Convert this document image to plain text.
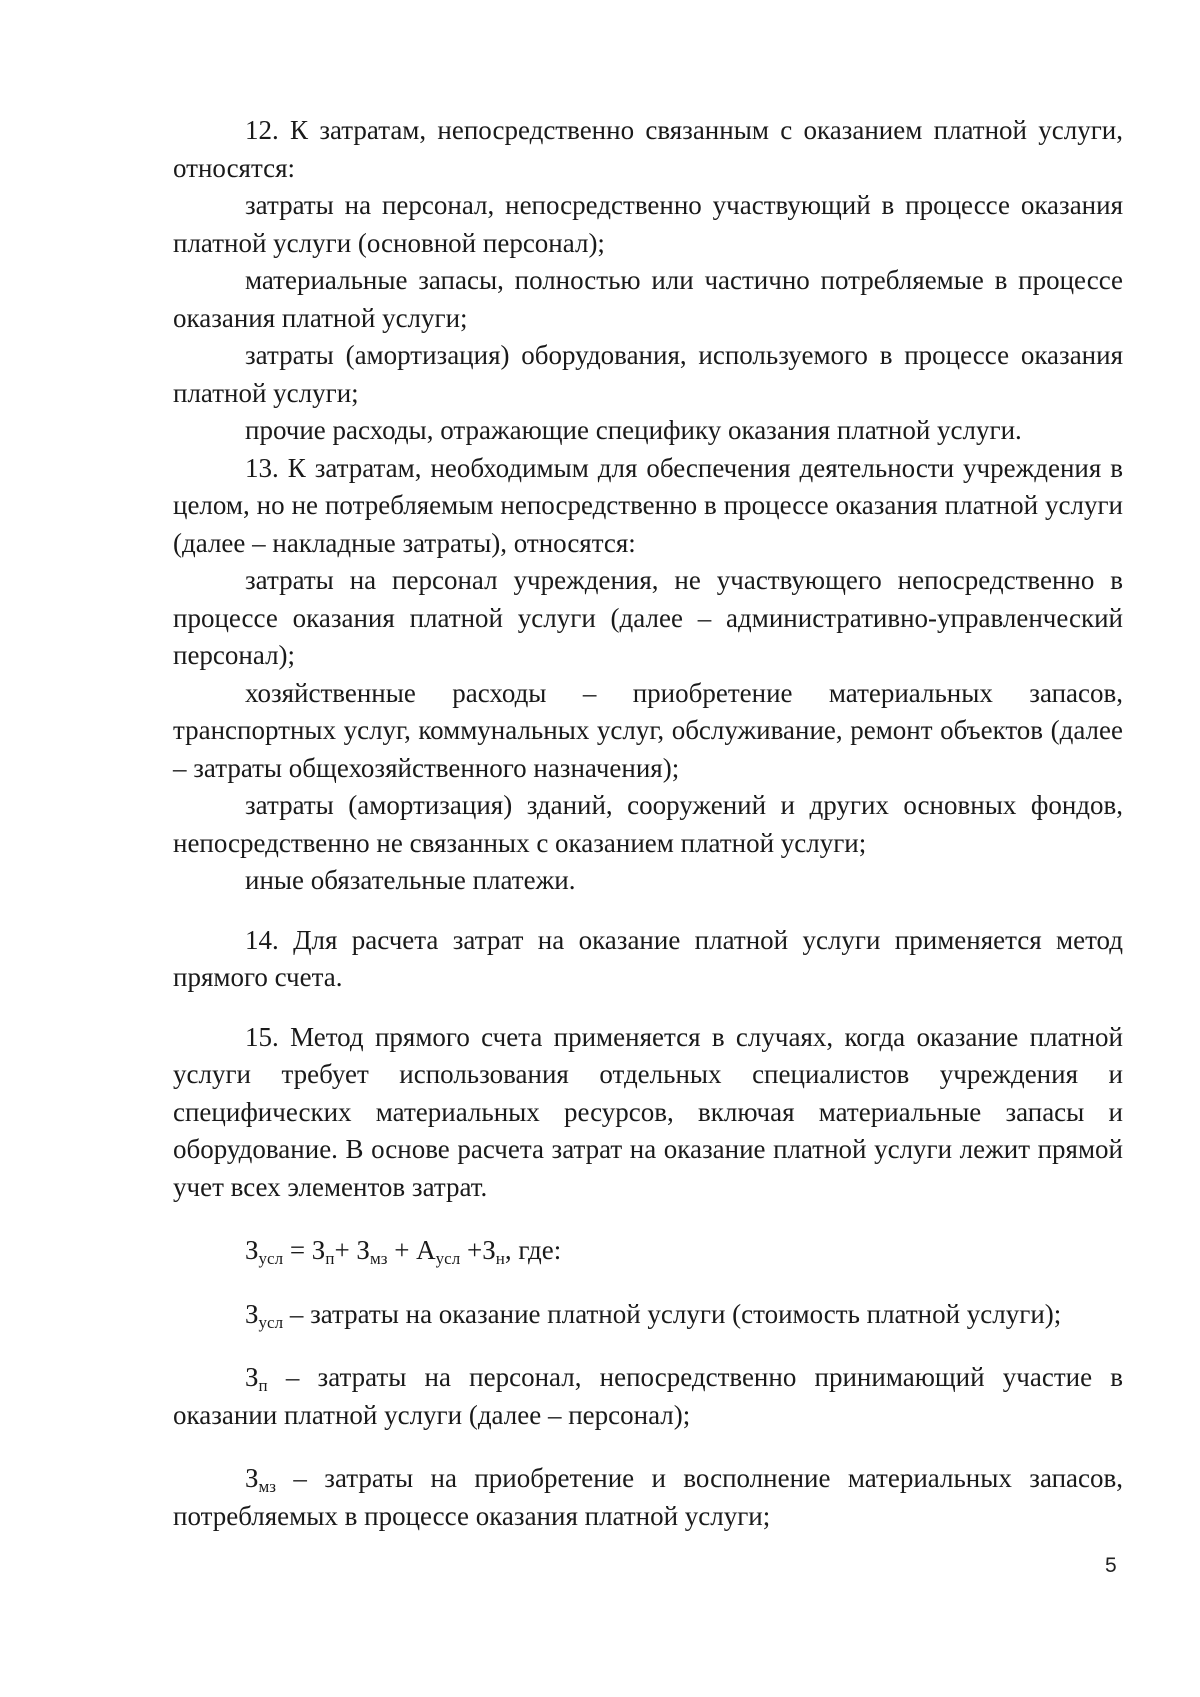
12. К затратам, непосредственно связанным с оказанием платной услуги, относятся:

затраты на персонал, непосредственно участвующий в процессе оказания платной услуги (основной персонал);

материальные запасы, полностью или частично потребляемые в процессе оказания платной услуги;

затраты (амортизация) оборудования, используемого в процессе оказания платной услуги;

прочие расходы, отражающие специфику оказания платной услуги.

13. К затратам, необходимым для обеспечения деятельности учреждения в целом, но не потребляемым непосредственно в процессе оказания платной услуги (далее – накладные затраты), относятся:

затраты на персонал учреждения, не участвующего непосредственно в процессе оказания платной услуги (далее – административно-управленческий персонал);

хозяйственные расходы – приобретение материальных запасов, транспортных услуг, коммунальных услуг, обслуживание, ремонт объектов (далее – затраты общехозяйственного назначения);

затраты (амортизация) зданий, сооружений и других основных фондов, непосредственно не связанных с оказанием платной услуги;

иные обязательные платежи.

14. Для расчета затрат на оказание платной услуги применяется метод прямого счета.

15. Метод прямого счета применяется в случаях, когда оказание платной услуги требует использования отдельных специалистов учреждения и специфических материальных ресурсов, включая материальные запасы и оборудование. В основе расчета затрат на оказание платной услуги лежит прямой учет всех элементов затрат.

$З_{усл} = З_п+ З_{мз} + А_{усл} +З_н$, где:

$З_{усл}$ – затраты на оказание платной услуги (стоимость платной услуги);

$З_п$ – затраты на персонал, непосредственно принимающий участие в оказании платной услуги (далее – персонал);

$З_{мз}$ – затраты на приобретение и восполнение материальных запасов, потребляемых в процессе оказания платной услуги;

5
